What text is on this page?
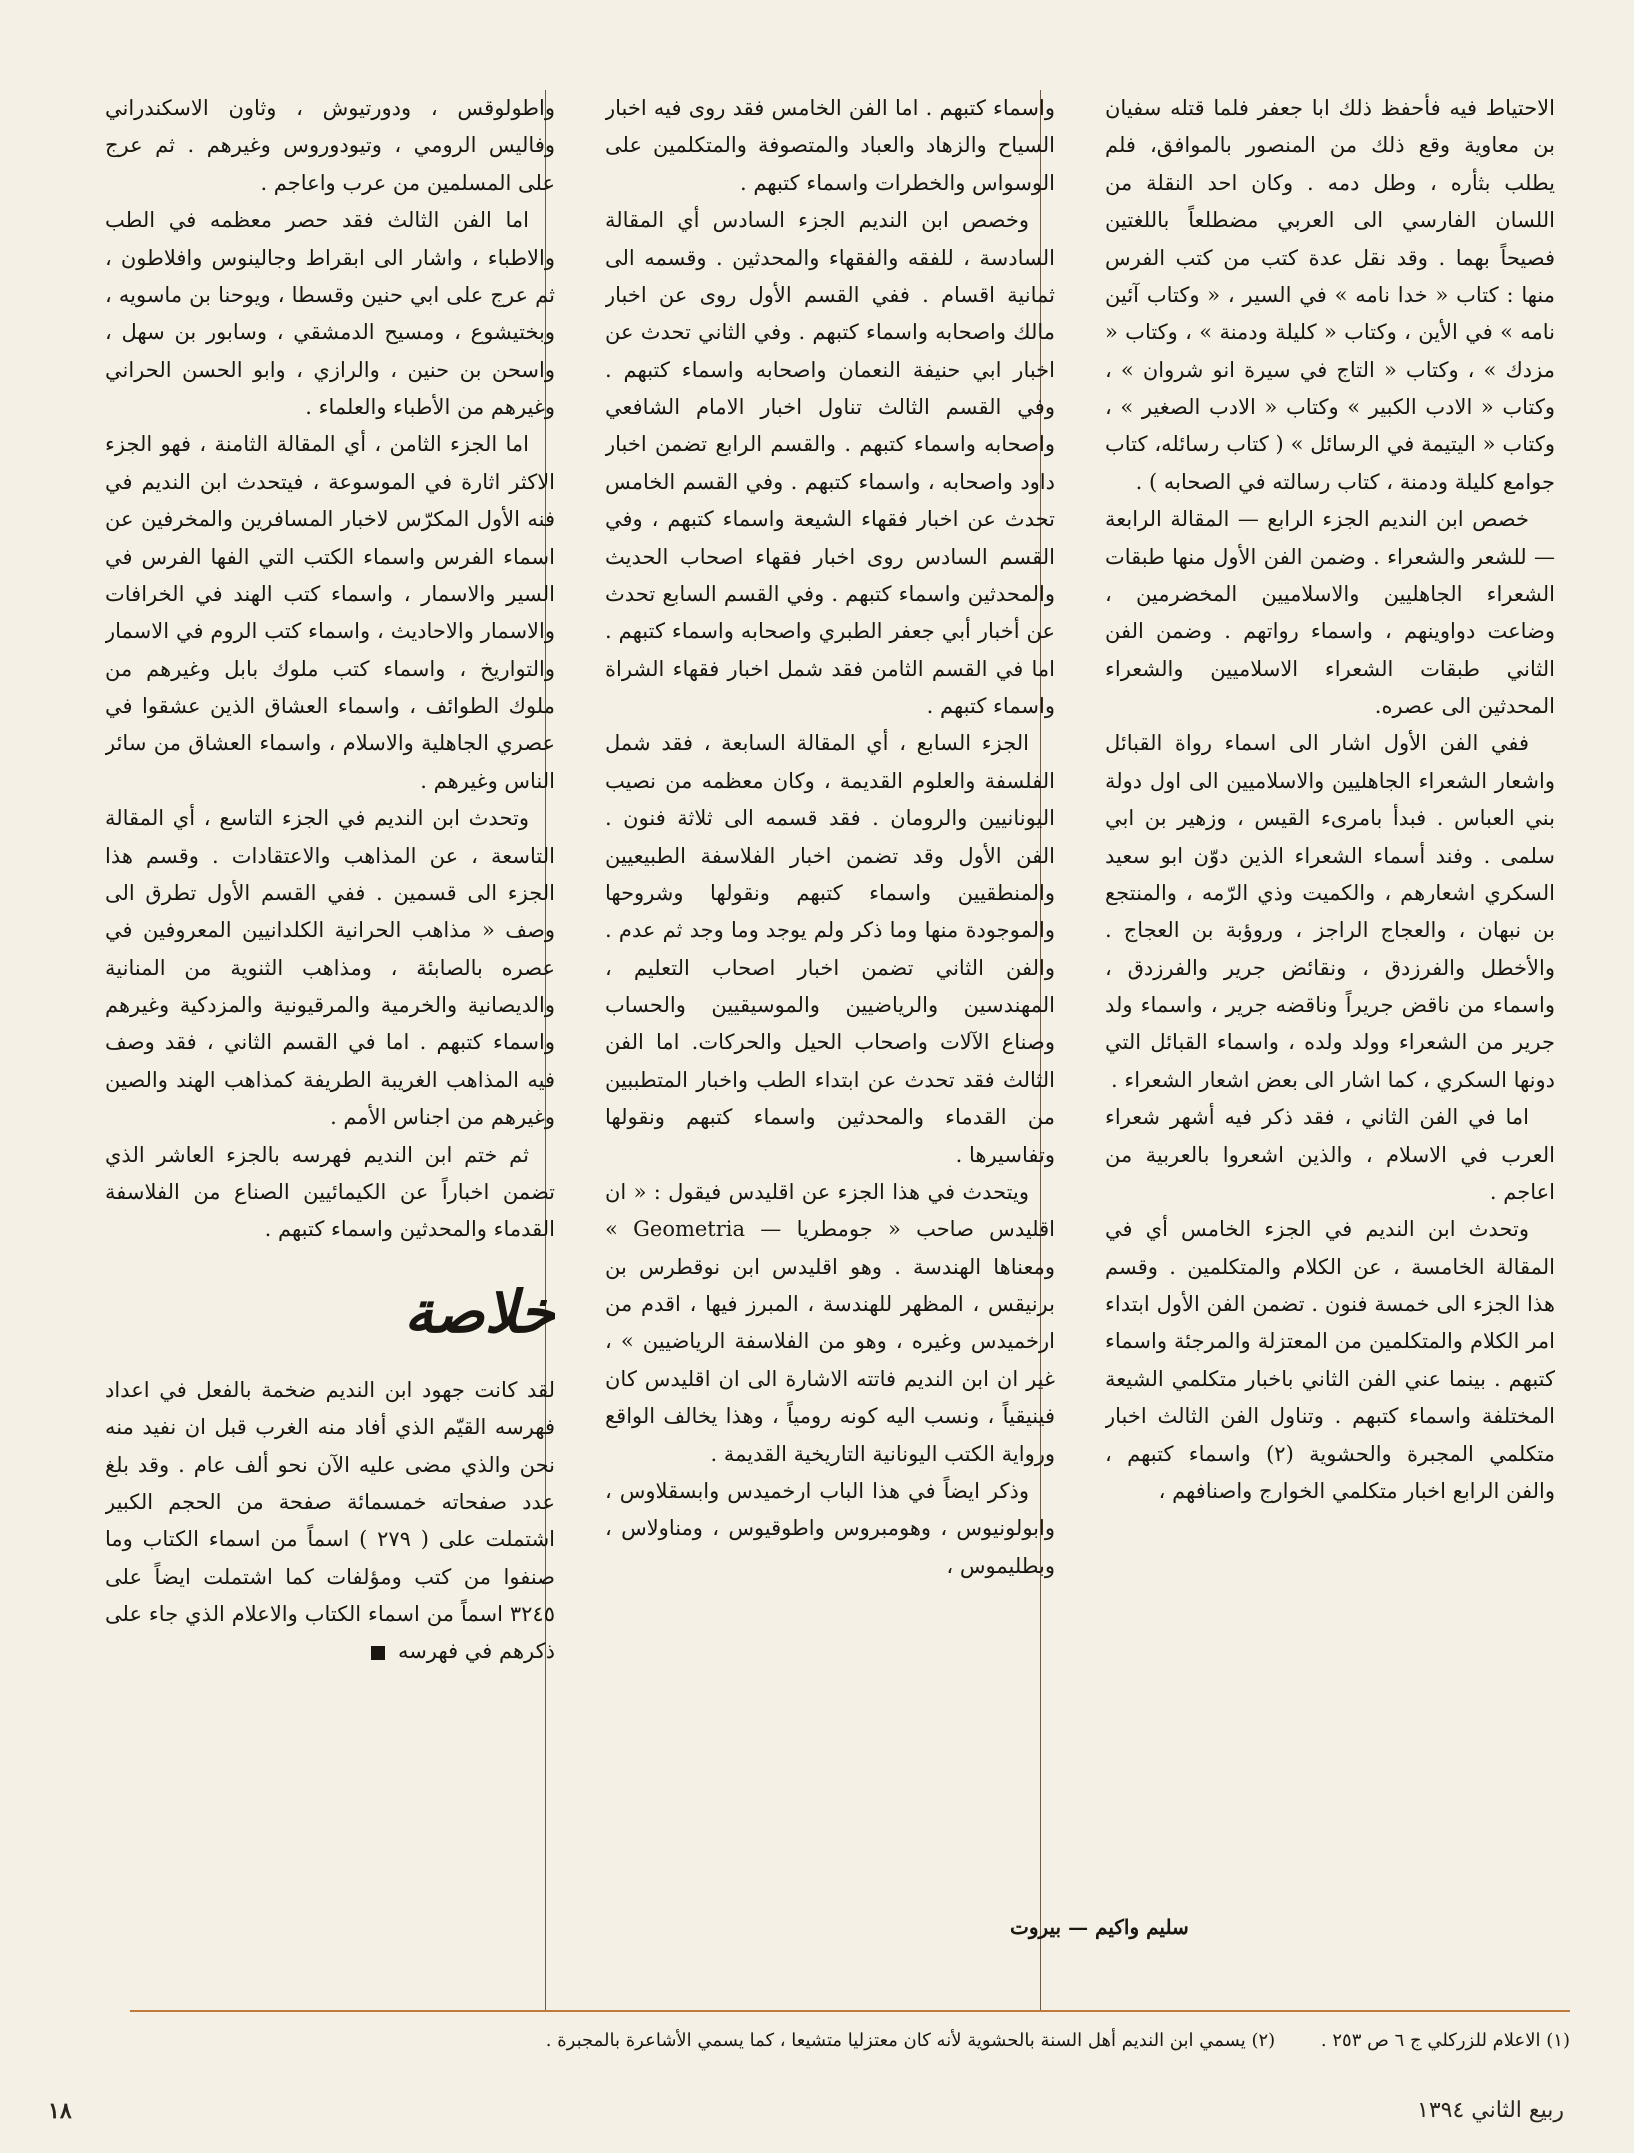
الاحتياط فيه فأحفظ ذلك ابا جعفر فلما قتله سفيان بن معاوية وقع ذلك من المنصور بالموافق، فلم يطلب بثأره ، وطل دمه . وكان احد النقلة من اللسان الفارسي الى العربي مضطلعاً باللغتين فصيحاً بهما . وقد نقل عدة كتب من كتب الفرس منها : كتاب « خدا نامه » في السير ، « وكتاب آئين نامه » في الأين ، وكتاب « كليلة ودمنة » ، وكتاب « مزدك » ، وكتاب « التاج في سيرة انو شروان » ، وكتاب « الادب الكبير » وكتاب « الادب الصغير » ، وكتاب « اليتيمة في الرسائل » ( كتاب رسائله، كتاب جوامع كليلة ودمنة ، كتاب رسالته في الصحابه ) .

خصص ابن النديم الجزء الرابع — المقالة الرابعة — للشعر والشعراء . وضمن الفن الأول منها طبقات الشعراء الجاهليين والاسلاميين المخضرمين ، وضاعت دواوينهم ، واسماء رواتهم . وضمن الفن الثاني طبقات الشعراء الاسلاميين والشعراء المحدثين الى عصره.

ففي الفن الأول اشار الى اسماء رواة القبائل واشعار الشعراء الجاهليين والاسلاميين الى اول دولة بني العباس . فبدأ بامرىء القيس ، وزهير بن ابي سلمى . وفند أسماء الشعراء الذين دوّن ابو سعيد السكري اشعارهم ، والكميت وذي الرّمه ، والمنتجع بن نبهان ، والعجاج الراجز ، وروؤبة بن العجاج . والأخطل والفرزدق ، ونقائض جرير والفرزدق ، واسماء من ناقض جريراً وناقضه جرير ، واسماء ولد جرير من الشعراء وولد ولده ، واسماء القبائل التي دونها السكري ، كما اشار الى بعض اشعار الشعراء .

اما في الفن الثاني ، فقد ذكر فيه أشهر شعراء العرب في الاسلام ، والذين اشعروا بالعربية من اعاجم .

وتحدث ابن النديم في الجزء الخامس أي في المقالة الخامسة ، عن الكلام والمتكلمين . وقسم هذا الجزء الى خمسة فنون . تضمن الفن الأول ابتداء امر الكلام والمتكلمين من المعتزلة والمرجئة واسماء كتبهم . بينما عني الفن الثاني باخبار متكلمي الشيعة المختلفة واسماء كتبهم . وتناول الفن الثالث اخبار متكلمي المجبرة والحشوية (٢) واسماء كتبهم ، والفن الرابع اخبار متكلمي الخوارج واصنافهم ،

واسماء كتبهم . اما الفن الخامس فقد روى فيه اخبار السياح والزهاد والعباد والمتصوفة والمتكلمين على الوسواس والخطرات واسماء كتبهم .

وخصص ابن النديم الجزء السادس أي المقالة السادسة ، للفقه والفقهاء والمحدثين . وقسمه الى ثمانية اقسام . ففي القسم الأول روى عن اخبار مالك واصحابه واسماء كتبهم . وفي الثاني تحدث عن اخبار ابي حنيفة النعمان واصحابه واسماء كتبهم . وفي القسم الثالث تناول اخبار الامام الشافعي واصحابه واسماء كتبهم . والقسم الرابع تضمن اخبار داود واصحابه ، واسماء كتبهم . وفي القسم الخامس تحدث عن اخبار فقهاء الشيعة واسماء كتبهم ، وفي القسم السادس روى اخبار فقهاء اصحاب الحديث والمحدثين واسماء كتبهم . وفي القسم السابع تحدث عن أخبار أبي جعفر الطبري واصحابه واسماء كتبهم . اما في القسم الثامن فقد شمل اخبار فقهاء الشراة واسماء كتبهم .

الجزء السابع ، أي المقالة السابعة ، فقد شمل الفلسفة والعلوم القديمة ، وكان معظمه من نصيب اليونانيين والرومان . فقد قسمه الى ثلاثة فنون . الفن الأول وقد تضمن اخبار الفلاسفة الطبيعيين والمنطقيين واسماء كتبهم ونقولها وشروحها والموجودة منها وما ذكر ولم يوجد وما وجد ثم عدم . والفن الثاني تضمن اخبار اصحاب التعليم ، المهندسين والرياضيين والموسيقيين والحساب وصناع الآلات واصحاب الحيل والحركات. اما الفن الثالث فقد تحدث عن ابتداء الطب واخبار المتطببين من القدماء والمحدثين واسماء كتبهم ونقولها وتفاسيرها .

ويتحدث في هذا الجزء عن اقليدس فيقول : « ان اقليدس صاحب « جومطريا — Geometria » ومعناها الهندسة . وهو اقليدس ابن نوقطرس بن برنيقس ، المظهر للهندسة ، المبرز فيها ، اقدم من ارخميدس وغيره ، وهو من الفلاسفة الرياضيين » ، غير ان ابن النديم فاتته الاشارة الى ان اقليدس كان فينيقياً ، ونسب اليه كونه رومياً ، وهذا يخالف الواقع ورواية الكتب اليونانية التاريخية القديمة .

وذكر ايضاً في هذا الباب ارخميدس وابسقلاوس ، وابولونيوس ، وهومبروس واطوقيوس ، ومناولاس ، وبطليموس ،

واطولوقس ، ودورتيوش ، وثاون الاسكندراني وفاليس الرومي ، وتيودوروس وغيرهم . ثم عرج على المسلمين من عرب واعاجم .

اما الفن الثالث فقد حصر معظمه في الطب والاطباء ، واشار الى ابقراط وجالينوس وافلاطون ، ثم عرج على ابي حنين وقسطا ، ويوحنا بن ماسويه ، وبختيشوع ، ومسيح الدمشقي ، وسابور بن سهل ، واسحن بن حنين ، والرازي ، وابو الحسن الحراني وغيرهم من الأطباء والعلماء .

اما الجزء الثامن ، أي المقالة الثامنة ، فهو الجزء الاكثر اثارة في الموسوعة ، فيتحدث ابن النديم في فنه الأول المكرّس لاخبار المسافرين والمخرفين عن اسماء الفرس واسماء الكتب التي الفها الفرس في السير والاسمار ، واسماء كتب الهند في الخرافات والاسمار والاحاديث ، واسماء كتب الروم في الاسمار والتواريخ ، واسماء كتب ملوك بابل وغيرهم من ملوك الطوائف ، واسماء العشاق الذين عشقوا في عصري الجاهلية والاسلام ، واسماء العشاق من سائر الناس وغيرهم .

وتحدث ابن النديم في الجزء التاسع ، أي المقالة التاسعة ، عن المذاهب والاعتقادات . وقسم هذا الجزء الى قسمين . ففي القسم الأول تطرق الى وصف « مذاهب الحرانية الكلدانيين المعروفين في عصره بالصابئة ، ومذاهب الثنوية من المنانية والديصانية والخرمية والمرقيونية والمزدكية وغيرهم واسماء كتبهم . اما في القسم الثاني ، فقد وصف فيه المذاهب الغريبة الطريفة كمذاهب الهند والصين وغيرهم من اجناس الأمم .

ثم ختم ابن النديم فهرسه بالجزء العاشر الذي تضمن اخباراً عن الكيمائيين الصناع من الفلاسفة القدماء والمحدثين واسماء كتبهم .

خلاصة

لقد كانت جهود ابن النديم ضخمة بالفعل في اعداد فهرسه القيّم الذي أفاد منه الغرب قبل ان نفيد منه نحن والذي مضى عليه الآن نحو ألف عام . وقد بلغ عدد صفحاته خمسمائة صفحة من الحجم الكبير اشتملت على ( ٢٧٩ ) اسماً من اسماء الكتاب وما صنفوا من كتب ومؤلفات كما اشتملت ايضاً على ٣٢٤٥ اسماً من اسماء الكتاب والاعلام الذي جاء على ذكرهم في فهرسه

سليم واكيم — بيروت
(١) الاعلام للزركلي ج ٦ ص ٢٥٣ . (٢) يسمي ابن النديم أهل السنة بالحشوية لأنه كان معتزليا متشيعا ، كما يسمي الأشاعرة بالمجبرة .
ربيع الثاني ١٣٩٤
١٨
